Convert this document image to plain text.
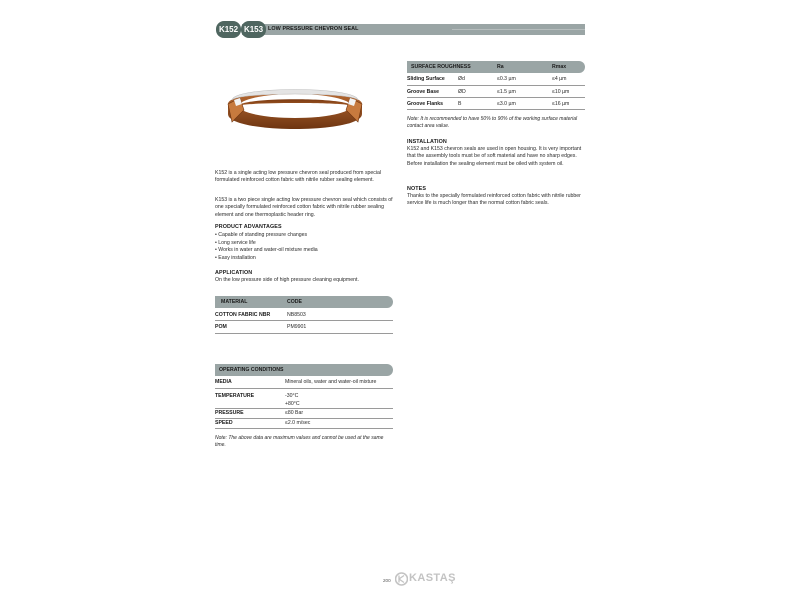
K152 K153 LOW PRESSURE CHEVRON SEAL
K152 is a single acting low pressure chevron seal produced from special formulated reinforced cotton fabric with nitrile rubber sealing element.
K153 is a two piece single acting low pressure chevron seal which consists of one specially formulated reinforced cotton fabric with nitrile rubber sealing element and one thermoplastic header ring.
PRODUCT ADVANTAGES
• Capable of standing pressure changes
• Long service life
• Works in water and water-oil mixture media
• Easy installation
APPLICATION
On the low pressure side of high pressure cleaning equipment.
MATERIAL	CODE
COTTON FABRIC NBR	NB8503
POM	PM9901
OPERATING CONDITIONS
MEDIA	Mineral oils, water and water-oil mixture
TEMPERATURE	-30°C
+80°C
PRESSURE	≤80 Bar
SPEED	≤2.0 m/sec
Note: The above data are maximum values and cannot be used at the same time.
SURFACE ROUGHNESS	Ra	Rmax
Sliding Surface	Ød	≤0.3 µm	≤4 µm
Groove Base	ØD	≤1.5 µm	≤10 µm
Groove Flanks	B	≤3.0 µm	≤16 µm
Note: It is recommended to have 50% to 90% of the working surface material contact area value.
INSTALLATION
K152 and K153 chevron seals are used in open housing. It is very important that the assembly tools must be of soft material and have no sharp edges. Before installation the sealing element must be oiled with system oil.
NOTES
Thanks to the specially formulated reinforced cotton fabric with nitrile rubber service life is much longer than the normal cotton fabric seals.
200 KASTAŞ
